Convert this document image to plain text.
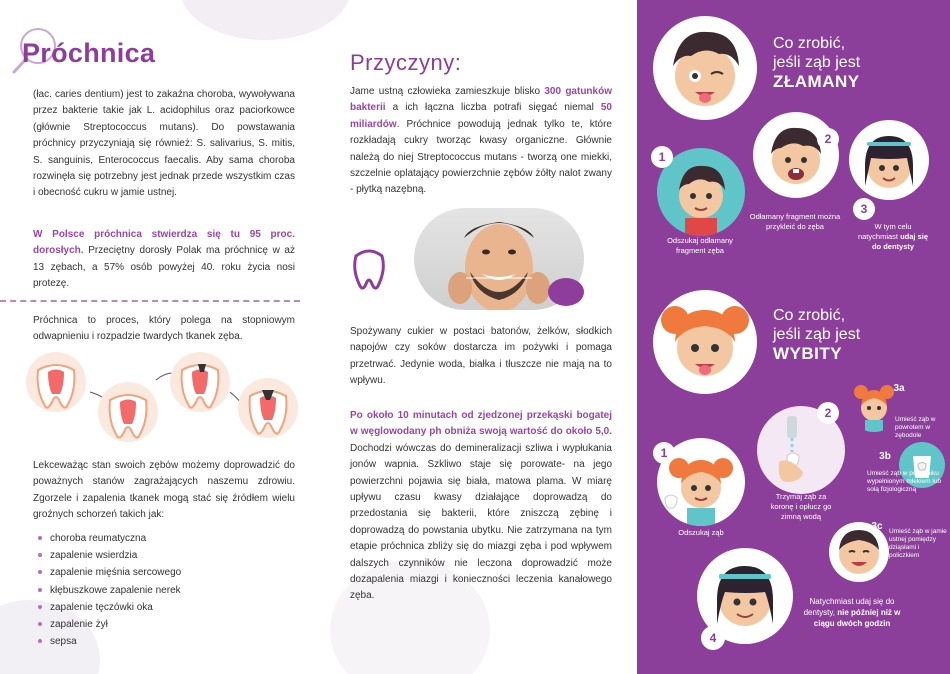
Próchnica
(łac. caries dentium) jest to zakaźna choroba, wywoływana przez bakterie takie jak L. acidophilus oraz paciorkowce (głównie Streptococcus mutans). Do powstawania próchnicy przyczyniają się również: S. salivarius, S. mitis, S. sanguinis, Enterococcus faecalis. Aby sama choroba rozwinęła się potrzebny jest jednak przede wszystkim czas i obecność cukru w jamie ustnej.
W Polsce próchnica stwierdza się tu 95 proc. dorosłych. Przeciętny dorosły Polak ma próchnicę w aż 13 zębach, a 57% osób powyżej 40. roku życia nosi protezę.
Próchnica to proces, który polega na stopniowym odwapnieniu i rozpadzie twardych tkanek zęba.
Lekceważąc stan swoich zębów możemy doprowadzić do poważnych stanów zagrażających naszemu zdrowiu. Zgorzele i zapalenia tkanek mogą stać się źródłem wielu groźnych schorzeń takich jak:
choroba reumatyczna
zapalenie wsierdzia
zapalenie mięśnia sercowego
kłębuszkowe zapalenie nerek
zapalenie tęczówki oka
zapalenie żył
sepsa
Przyczyny:
Jame ustną człowieka zamieszkuje blisko 300 gatunków bakterii a ich łączna liczba potrafi sięgać niemal 50 miliardów. Próchnice powodują jednak tylko te, które rozkładają cukry tworząc kwasy organiczne. Głównie należą do niej Streptococcus mutans - tworzą one miekki, szczelnie oplatający powierzchnie zębów żółty nalot zwany - płytką nazębną.
Spożywany cukier w postaci batonów, żelków, słodkich napojów czy soków dostarcza im pożywki i pomaga przetrwać. Jedynie woda, białka i tłuszcze nie mają na to wpływu.
Po około 10 minutach od zjedzonej przekąski bogatej w węglowodany ph obniża swoją wartość do około 5,0. Dochodzi wówczas do demineralizacji szliwa i wypłukania jonów wapnia. Szkliwo staje się porowate- na jego powierzchni pojawia się biała, matowa plama. W miarę upływu czasu kwasy działające doprowadzą do przedostania się bakterii, które zniszczą zębinę i doprowadzą do powstania ubytku. Nie zatrzymana na tym etapie próchnica zbliży się do miazgi zęba i pod wpływem dalszych czynników nie leczona doprowadzić może dozapalenia miazgi i konieczności leczenia kanałowego zęba.
Co zrobić,
jeśli ząb jest
ZŁAMANY
1
Odszukaj odłamany fragment zęba
2
Odłamany fragment można przykleić do zęba
3
W tym celu natychmiast udaj się do dentysty
Co zrobić,
jeśli ząb jest
WYBITY
1
Odszukaj ząb
2
Trzymaj ząb za koronę i opłucz go zimną wodą
3a
Umieść ząb w powrotem w zębodole
3b
Umieść ząb w pojemniku wypełnionym mlekiem lub solą fizjologiczną
3c Umieść ząb w jamie ustnej pomiędzy dziąsłami i policzkiem
4
Natychmiast udaj się do dentysty, nie później niż w ciągu dwóch godzin
